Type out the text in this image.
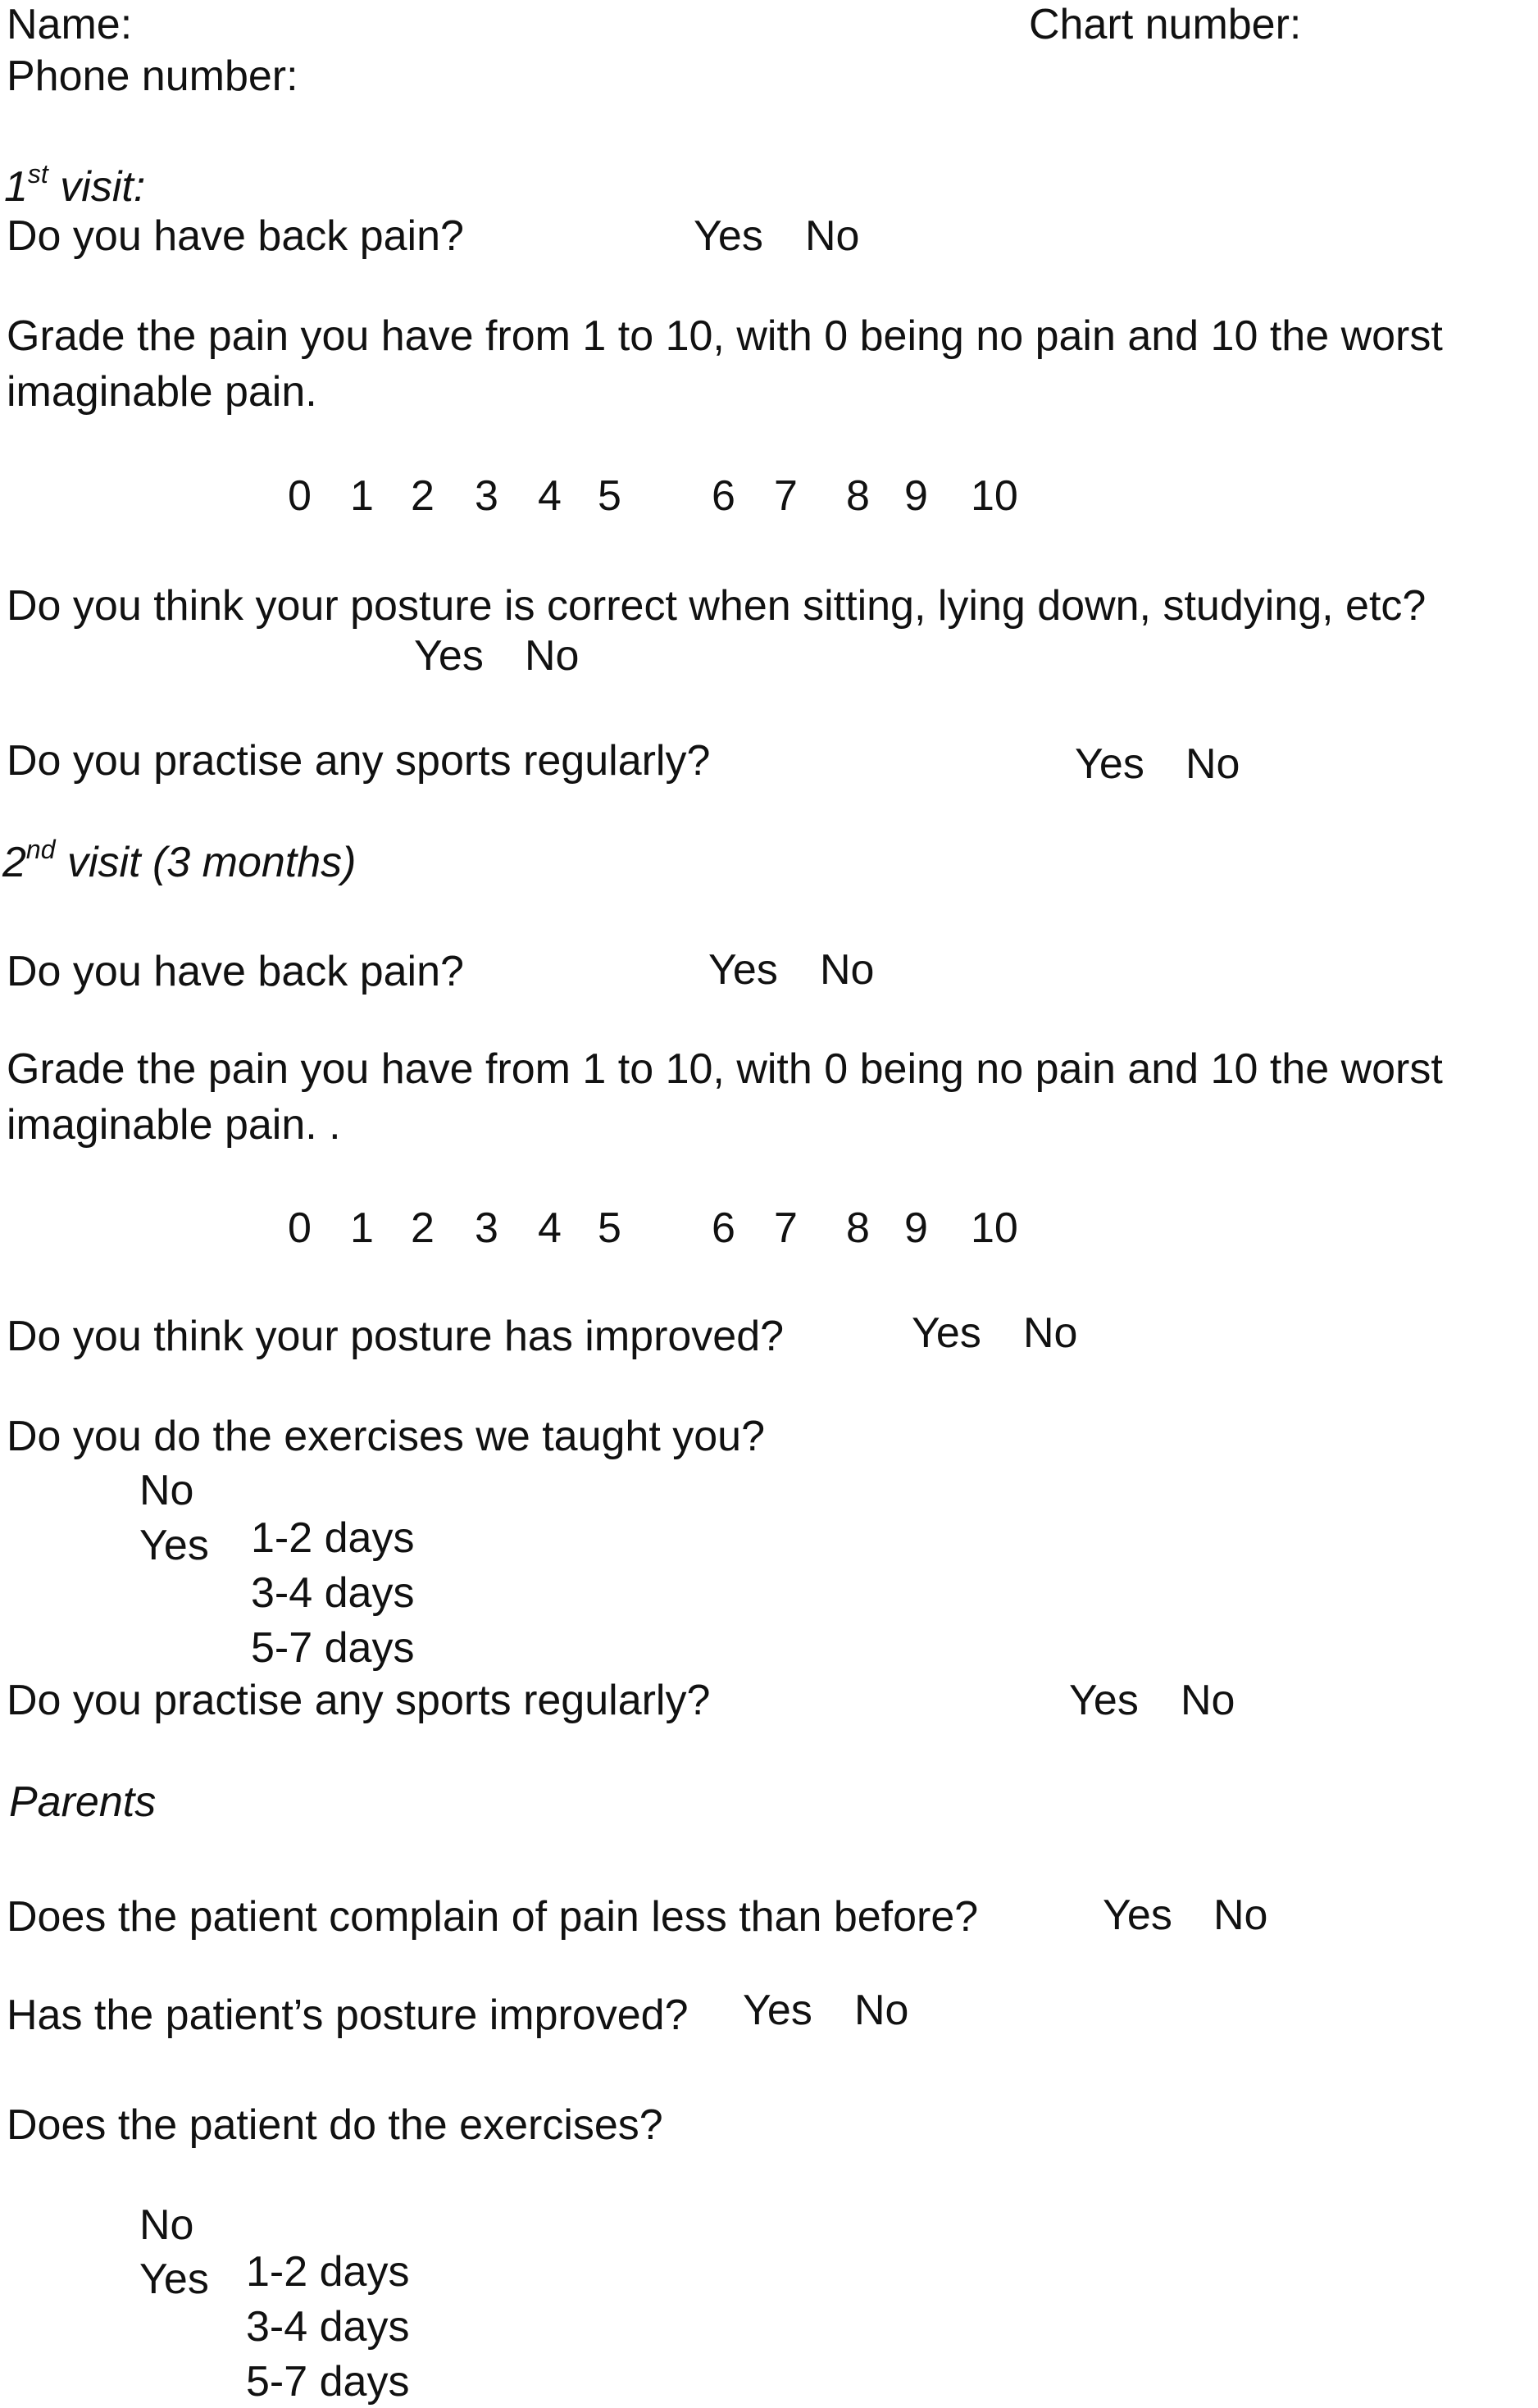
Name:	Chart number:
Phone number:
1st visit:
Do you have back pain?	Yes No
Grade the pain you have from 1 to 10, with 0 being no pain and 10 the worst
imaginable pain.
0 1 2 3 4 5 6 7 8 9 10
Do you think your posture is correct when sitting, lying down, studying, etc?
Yes No
Do you practise any sports regularly?	Yes No
2nd visit (3 months)
Do you have back pain?	Yes No
Grade the pain you have from 1 to 10, with 0 being no pain and 10 the worst
imaginable pain. .
0 1 2 3 4 5 6 7 8 9 10
Do you think your posture has improved?	Yes No
Do you do the exercises we taught you?
No
Yes 1-2 days
3-4 days
5-7 days
Do you practise any sports regularly?	Yes No
Parents
Does the patient complain of pain less than before?	Yes No
Has the patient’s posture improved? Yes No
Does the patient do the exercises?
No
Yes 1-2 days
3-4 days
5-7 days
